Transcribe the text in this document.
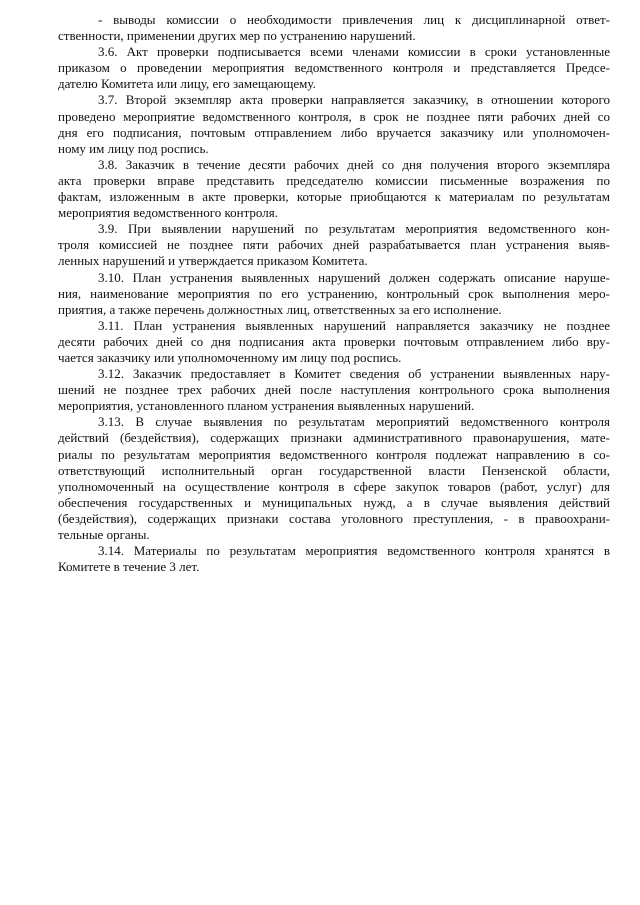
- выводы комиссии о необходимости привлечения лиц к дисциплинарной ответ-
ственности, применении других мер по устранению нарушений.
3.6. Акт проверки подписывается всеми членами комиссии в сроки установленные
приказом о проведении мероприятия ведомственного контроля и представляется Предсе-
дателю Комитета или лицу, его замещающему.
3.7. Второй экземпляр акта проверки направляется заказчику, в отношении которого
проведено мероприятие ведомственного контроля, в срок не позднее пяти рабочих дней со
дня его подписания, почтовым отправлением либо вручается заказчику или уполномочен-
ному им лицу под роспись.
3.8. Заказчик в течение десяти рабочих дней со дня получения второго экземпляра
акта проверки вправе представить председателю комиссии письменные возражения по
фактам, изложенным в акте проверки, которые приобщаются к материалам по результатам
мероприятия ведомственного контроля.
3.9. При выявлении нарушений по результатам мероприятия ведомственного кон-
троля комиссией не позднее пяти рабочих дней разрабатывается план устранения выяв-
ленных нарушений и утверждается приказом Комитета.
3.10. План устранения выявленных нарушений должен содержать описание наруше-
ния, наименование мероприятия по его устранению, контрольный срок выполнения меро-
приятия, а также перечень должностных лиц, ответственных за его исполнение.
3.11. План устранения выявленных нарушений направляется заказчику не позднее
десяти рабочих дней со дня подписания акта проверки почтовым отправлением либо вру-
чается заказчику или уполномоченному им лицу под роспись.
3.12. Заказчик предоставляет в Комитет сведения об устранении выявленных нару-
шений не позднее трех рабочих дней после наступления контрольного срока выполнения
мероприятия, установленного планом устранения выявленных нарушений.
3.13. В случае выявления по результатам мероприятий ведомственного контроля
действий (бездействия), содержащих признаки административного правонарушения, мате-
риалы по результатам мероприятия ведомственного контроля подлежат направлению в со-
ответствующий исполнительный орган государственной власти Пензенской области,
уполномоченный на осуществление контроля в сфере закупок товаров (работ, услуг) для
обеспечения государственных и муниципальных нужд, а в случае выявления действий
(бездействия), содержащих признаки состава уголовного преступления, - в правоохрани-
тельные органы.
3.14. Материалы по результатам мероприятия ведомственного контроля хранятся в
Комитете в течение 3 лет.
